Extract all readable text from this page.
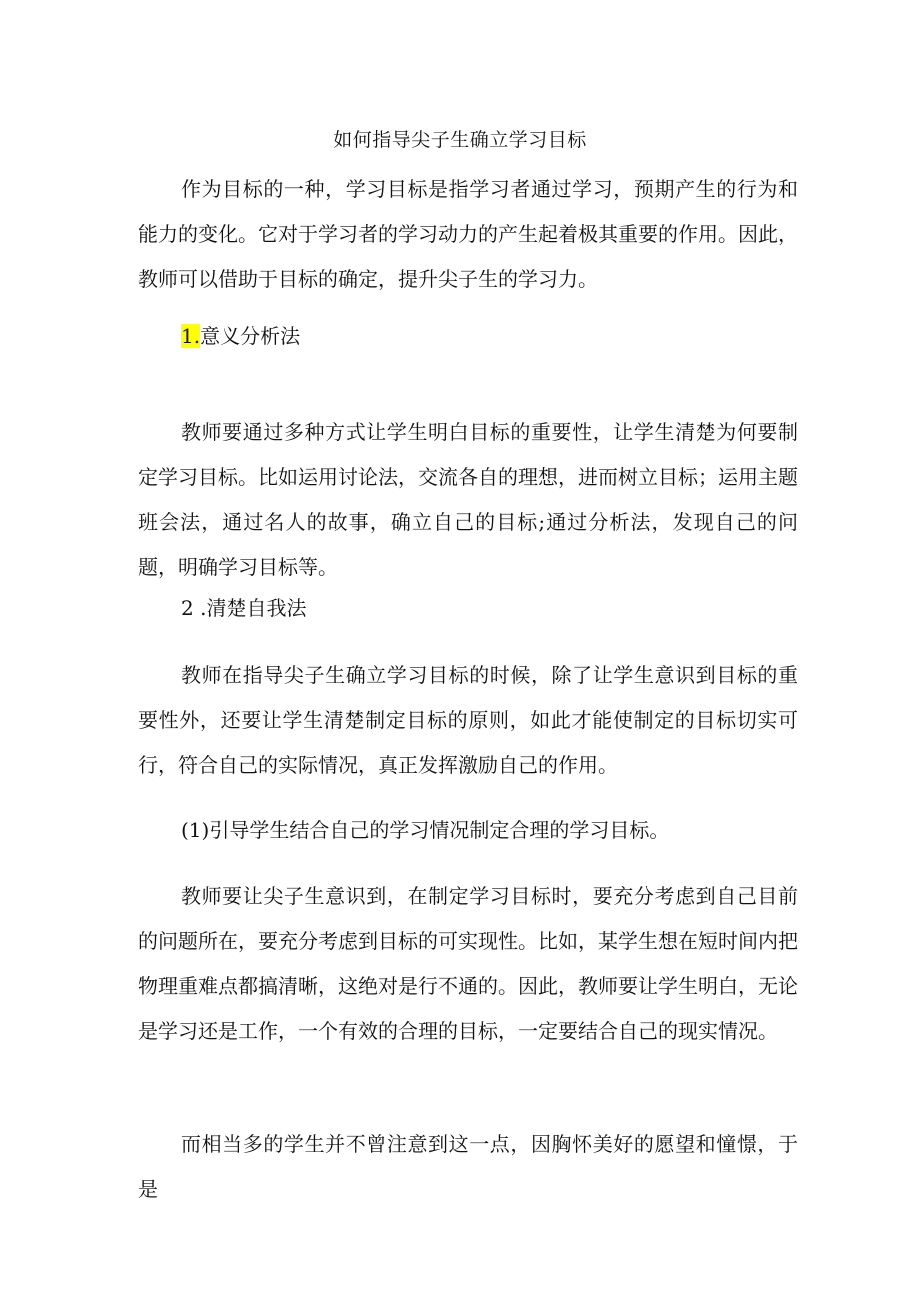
如何指导尖子生确立学习目标

作为目标的一种，学习目标是指学习者通过学习，预期产生的行为和能力的变化。它对于学习者的学习动力的产生起着极其重要的作用。因此，教师可以借助于目标的确定，提升尖子生的学习力。

1.意义分析法

教师要通过多种方式让学生明白目标的重要性，让学生清楚为何要制定学习目标。比如运用讨论法，交流各自的理想，进而树立目标；运用主题班会法，通过名人的故事，确立自己的目标;通过分析法，发现自己的问题，明确学习目标等。

2 .清楚自我法

教师在指导尖子生确立学习目标的时候，除了让学生意识到目标的重要性外，还要让学生清楚制定目标的原则，如此才能使制定的目标切实可行，符合自己的实际情况，真正发挥激励自己的作用。

(1)引导学生结合自己的学习情况制定合理的学习目标。

教师要让尖子生意识到，在制定学习目标时，要充分考虑到自己目前的问题所在，要充分考虑到目标的可实现性。比如，某学生想在短时间内把物理重难点都搞清晰，这绝对是行不通的。因此，教师要让学生明白，无论是学习还是工作，一个有效的合理的目标，一定要结合自己的现实情况。

而相当多的学生并不曾注意到这一点，因胸怀美好的愿望和憧憬，于是
